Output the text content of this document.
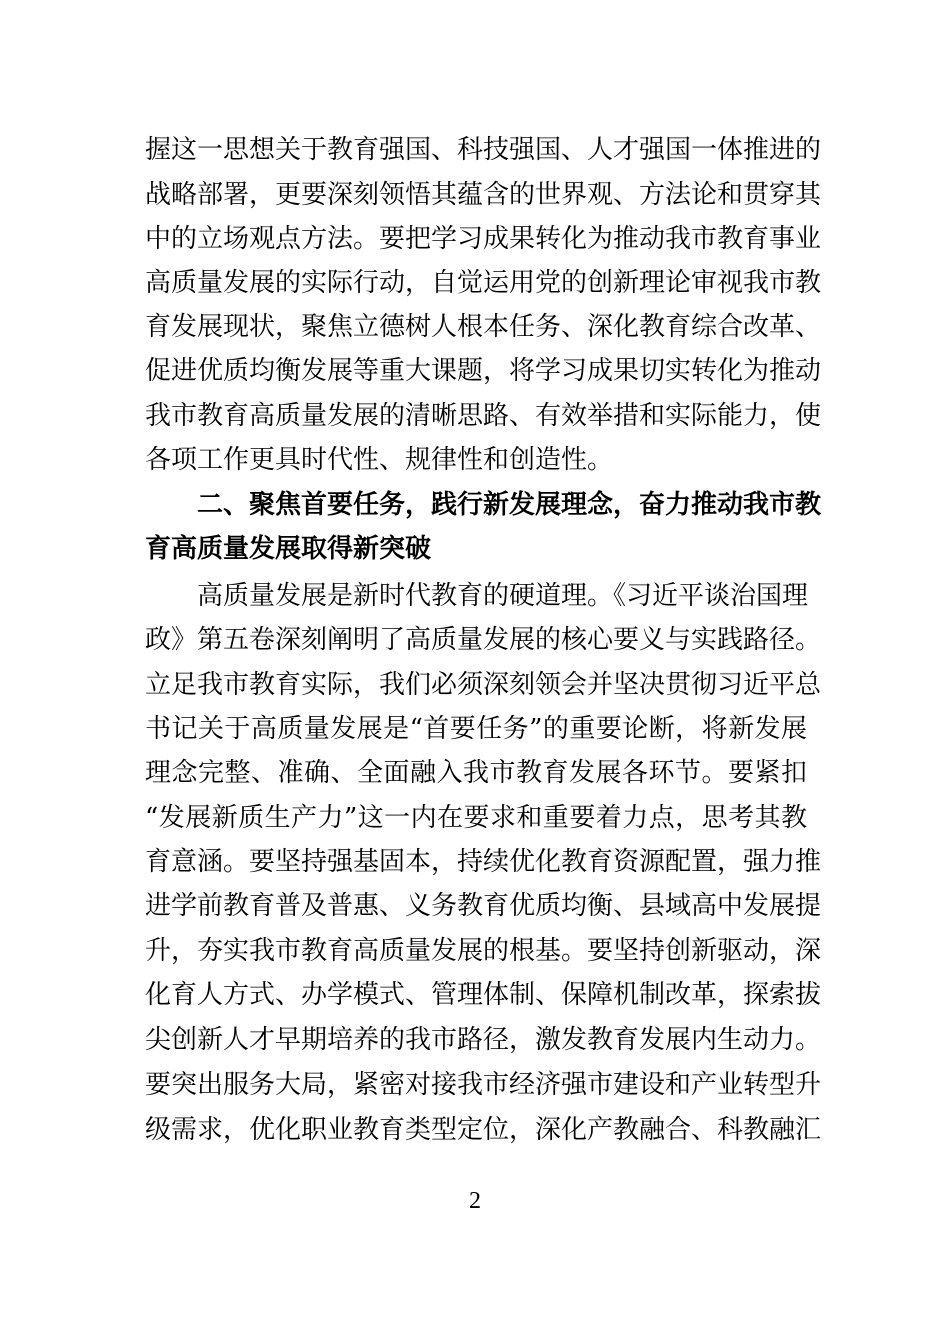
握这一思想关于教育强国、科技强国、人才强国一体推进的
战略部署，更要深刻领悟其蕴含的世界观、方法论和贯穿其
中的立场观点方法。要把学习成果转化为推动我市教育事业
高质量发展的实际行动，自觉运用党的创新理论审视我市教
育发展现状，聚焦立德树人根本任务、深化教育综合改革、
促进优质均衡发展等重大课题，将学习成果切实转化为推动
我市教育高质量发展的清晰思路、有效举措和实际能力，使
各项工作更具时代性、规律性和创造性。
二、聚焦首要任务，践行新发展理念，奋力推动我市教
育高质量发展取得新突破
高质量发展是新时代教育的硬道理。《习近平谈治国理
政》第五卷深刻阐明了高质量发展的核心要义与实践路径。
立足我市教育实际，我们必须深刻领会并坚决贯彻习近平总
书记关于高质量发展是“首要任务”的重要论断，将新发展
理念完整、准确、全面融入我市教育发展各环节。要紧扣
“发展新质生产力”这一内在要求和重要着力点，思考其教
育意涵。要坚持强基固本，持续优化教育资源配置，强力推
进学前教育普及普惠、义务教育优质均衡、县域高中发展提
升，夯实我市教育高质量发展的根基。要坚持创新驱动，深
化育人方式、办学模式、管理体制、保障机制改革，探索拔
尖创新人才早期培养的我市路径，激发教育发展内生动力。
要突出服务大局，紧密对接我市经济强市建设和产业转型升
级需求，优化职业教育类型定位，深化产教融合、科教融汇
2
